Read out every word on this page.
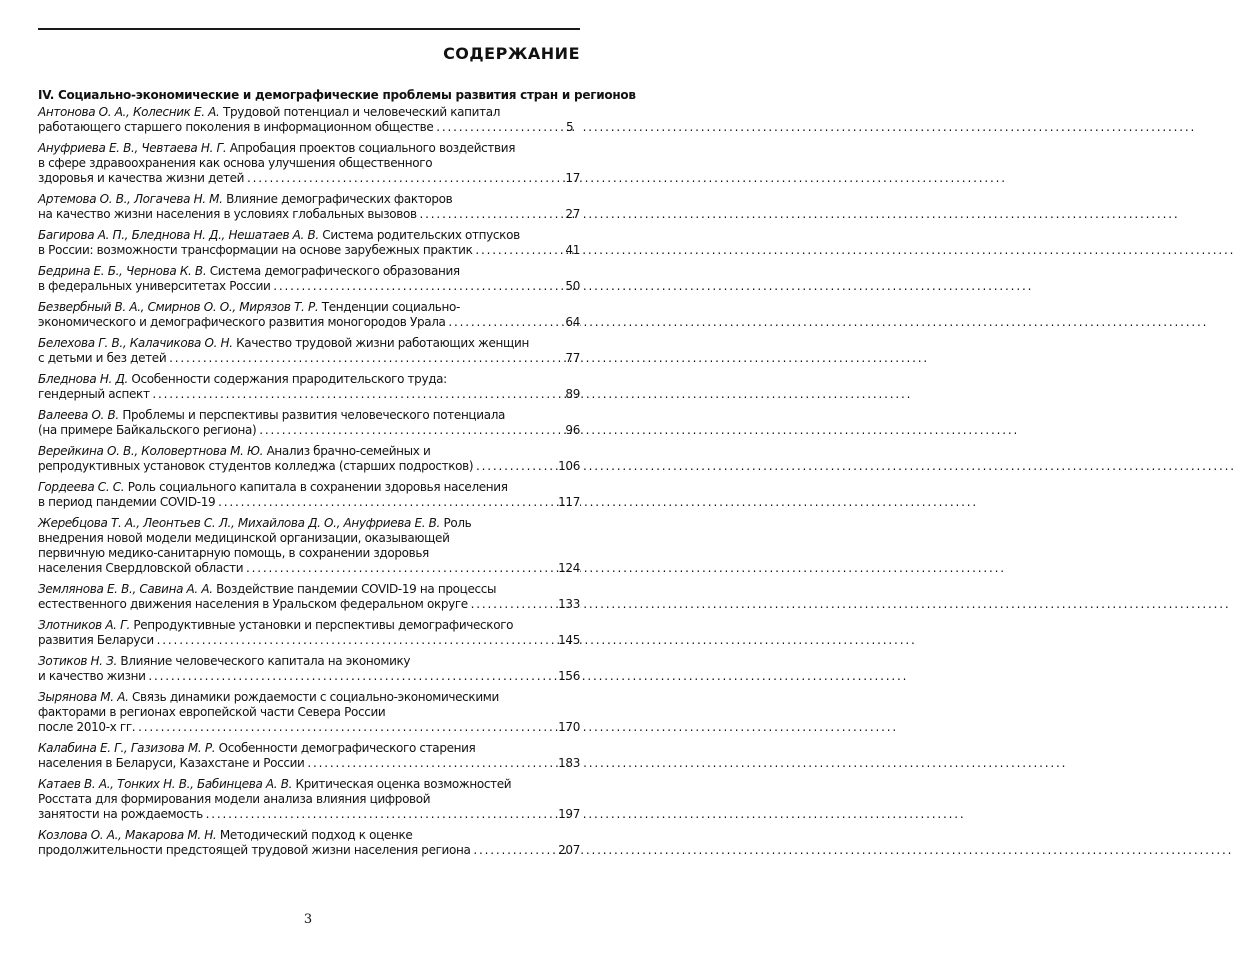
СОДЕРЖАНИЕ
IV. Социально-экономические и демографические проблемы развития стран и регионов
Антонова О. А., Колесник Е. А. Трудовой потенциал и человеческий капитал
5
работающего старшего поколения в информационном обществе . . .
Ануфриева Е. В., Чевтаева Н. Г. Апробация проектов социального воздействия
в сфере здравоохранения как основа улучшения общественного
17
здоровья и качества жизни детей . . .
Артемова О. В., Логачева Н. М. Влияние демографических факторов
27
на качество жизни населения в условиях глобальных вызовов . . .
Багирова А. П., Бледнова Н. Д., Нешатаев А. В. Система родительских отпусков
41
в России: возможности трансформации на основе зарубежных практик . . .
Бедрина Е. Б., Чернова К. В. Система демографического образования
50
в федеральных университетах России . . .
Безвербный В. А., Смирнов О. О., Мирязов Т. Р. Тенденции социально-
64
экономического и демографического развития моногородов Урала . . .
Белехова Г. В., Калачикова О. Н. Качество трудовой жизни работающих женщин
77
с детьми и без детей . . .
Бледнова Н. Д. Особенности содержания прародительского труда:
89
гендерный аспект . . .
Валеева О. В. Проблемы и перспективы развития человеческого потенциала
96
(на примере Байкальского региона) . . .
Верейкина О. В., Коловертнова М. Ю. Анализ брачно-семейных и
106
репродуктивных установок студентов колледжа (старших подростков) . . .
Гордеева С. С. Роль социального капитала в сохранении здоровья населения
117
в период пандемии COVID-19 . . .
Жеребцова Т. А., Леонтьев С. Л., Михайлова Д. О., Ануфриева Е. В. Роль
внедрения новой модели медицинской организации, оказывающей
первичную медико-санитарную помощь, в сохранении здоровья
124
населения Свердловской области . . .
Землянова Е. В., Савина А. А. Воздействие пандемии COVID-19 на процессы
133
естественного движения населения в Уральском федеральном округе . . .
Злотников А. Г. Репродуктивные установки и перспективы демографического
145
развития Беларуси . . .
Зотиков Н. З. Влияние человеческого капитала на экономику
156
и качество жизни . . .
Зырянова М. А. Связь динамики рождаемости с социально-экономическими
факторами в регионах европейской части Севера России
170
после 2010-х гг. . . .
Калабина Е. Г., Газизова М. Р. Особенности демографического старения
183
населения в Беларуси, Казахстане и России . . .
Катаев В. А., Тонких Н. В., Бабинцева А. В. Критическая оценка возможностей
Росстата для формирования модели анализа влияния цифровой
197
занятости на рождаемость . . .
Козлова О. А., Макарова М. Н. Методический подход к оценке
207
продолжительности предстоящей трудовой жизни населения региона . . .
3
